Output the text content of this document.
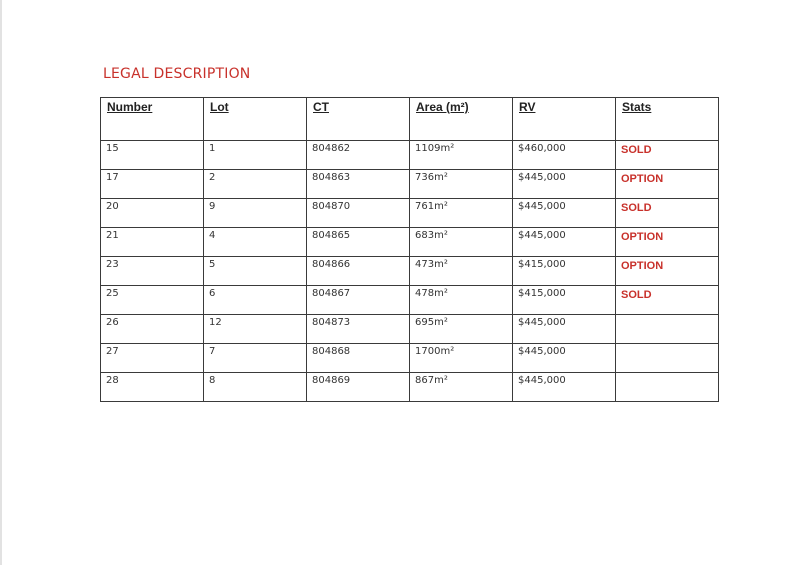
LEGAL DESCRIPTION
Number	Lot	CT	Area (m²)	RV	Stats

15	1	804862	1109m²	$460,000	SOLD

17	2	804863	736m²	$445,000	OPTION

20	9	804870	761m²	$445,000	SOLD

21	4	804865	683m²	$445,000	OPTION

23	5	804866	473m²	$415,000	OPTION

25	6	804867	478m²	$415,000	SOLD

26	12	804873	695m²	$445,000	

27	7	804868	1700m²	$445,000	

28	8	804869	867m²	$445,000	
